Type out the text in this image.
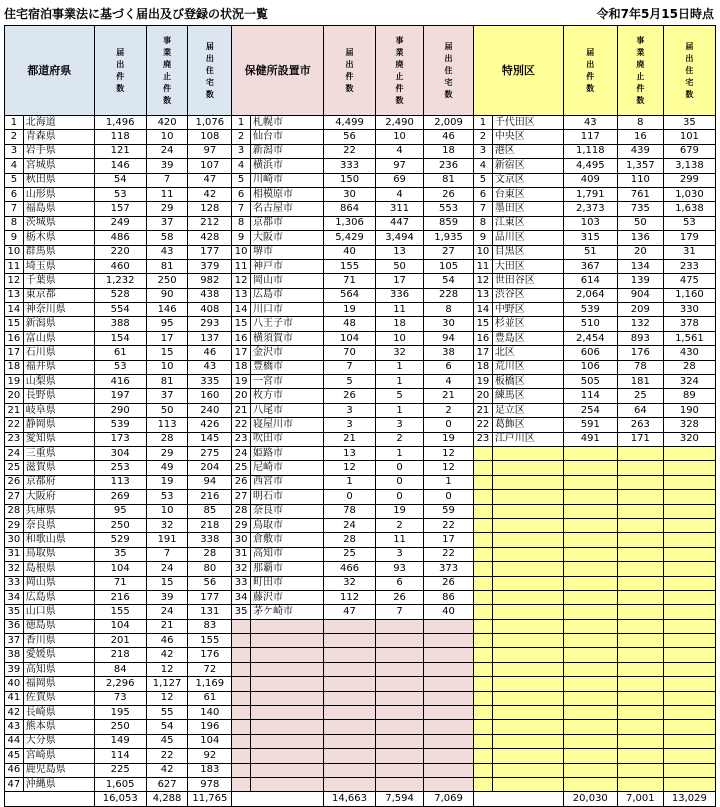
住宅宿泊事業法に基づく届出及び登録の状況一覧	令和7年5月15日時点
都道府県		届出件数	事業廃止件数	届出住宅数	保健所設置市		届出件数	事業廃止件数	届出住宅数	特別区		届出件数	事業廃止件数	届出住宅数

1	北海道	1,496	420	1,076	1	札幌市	4,499	2,490	2,009	1	千代田区	43	8	35
2	青森県	118	10	108	2	仙台市	56	10	46	2	中央区	117	16	101
3	岩手県	121	24	97	3	新潟市	22	4	18	3	港区	1,118	439	679
4	宮城県	146	39	107	4	横浜市	333	97	236	4	新宿区	4,495	1,357	3,138
5	秋田県	54	7	47	5	川崎市	150	69	81	5	文京区	409	110	299
6	山形県	53	11	42	6	相模原市	30	4	26	6	台東区	1,791	761	1,030
7	福島県	157	29	128	7	名古屋市	864	311	553	7	墨田区	2,373	735	1,638
8	茨城県	249	37	212	8	京都市	1,306	447	859	8	江東区	103	50	53
9	栃木県	486	58	428	9	大阪市	5,429	3,494	1,935	9	品川区	315	136	179
10	群馬県	220	43	177	10	堺市	40	13	27	10	目黒区	51	20	31
11	埼玉県	460	81	379	11	神戸市	155	50	105	11	大田区	367	134	233
12	千葉県	1,232	250	982	12	岡山市	71	17	54	12	世田谷区	614	139	475
13	東京都	528	90	438	13	広島市	564	336	228	13	渋谷区	2,064	904	1,160
14	神奈川県	554	146	408	14	川口市	19	11	8	14	中野区	539	209	330
15	新潟県	388	95	293	15	八王子市	48	18	30	15	杉並区	510	132	378
16	富山県	154	17	137	16	横須賀市	104	10	94	16	豊島区	2,454	893	1,561
17	石川県	61	15	46	17	金沢市	70	32	38	17	北区	606	176	430
18	福井県	53	10	43	18	豊橋市	7	1	6	18	荒川区	106	78	28
19	山梨県	416	81	335	19	一宮市	5	1	4	19	板橋区	505	181	324
20	長野県	197	37	160	20	枚方市	26	5	21	20	練馬区	114	25	89
21	岐阜県	290	50	240	21	八尾市	3	1	2	21	足立区	254	64	190
22	静岡県	539	113	426	22	寝屋川市	3	3	0	22	葛飾区	591	263	328
23	愛知県	173	28	145	23	吹田市	21	2	19	23	江戸川区	491	171	320
24	三重県	304	29	275	24	姫路市	13	1	12					
25	滋賀県	253	49	204	25	尼崎市	12	0	12					
26	京都府	113	19	94	26	西宮市	1	0	1					
27	大阪府	269	53	216	27	明石市	0	0	0					
28	兵庫県	95	10	85	28	奈良市	78	19	59					
29	奈良県	250	32	218	29	鳥取市	24	2	22					
30	和歌山県	529	191	338	30	倉敷市	28	11	17					
31	鳥取県	35	7	28	31	高知市	25	3	22					
32	島根県	104	24	80	32	那覇市	466	93	373					
33	岡山県	71	15	56	33	町田市	32	6	26					
34	広島県	216	39	177	34	藤沢市	112	26	86					
35	山口県	155	24	131	35	茅ケ崎市	47	7	40					
36	徳島県	104	21	83										
37	香川県	201	46	155										
38	愛媛県	218	42	176										
39	高知県	84	12	72										
40	福岡県	2,296	1,127	1,169										
41	佐賀県	73	12	61										
42	長崎県	195	55	140										
43	熊本県	250	54	196										
44	大分県	149	45	104										
45	宮崎県	114	22	92										
46	鹿児島県	225	42	183										
47	沖縄県	1,605	627	978										
		16,053	4,288	11,765			14,663	7,594	7,069			20,030	7,001	13,029
